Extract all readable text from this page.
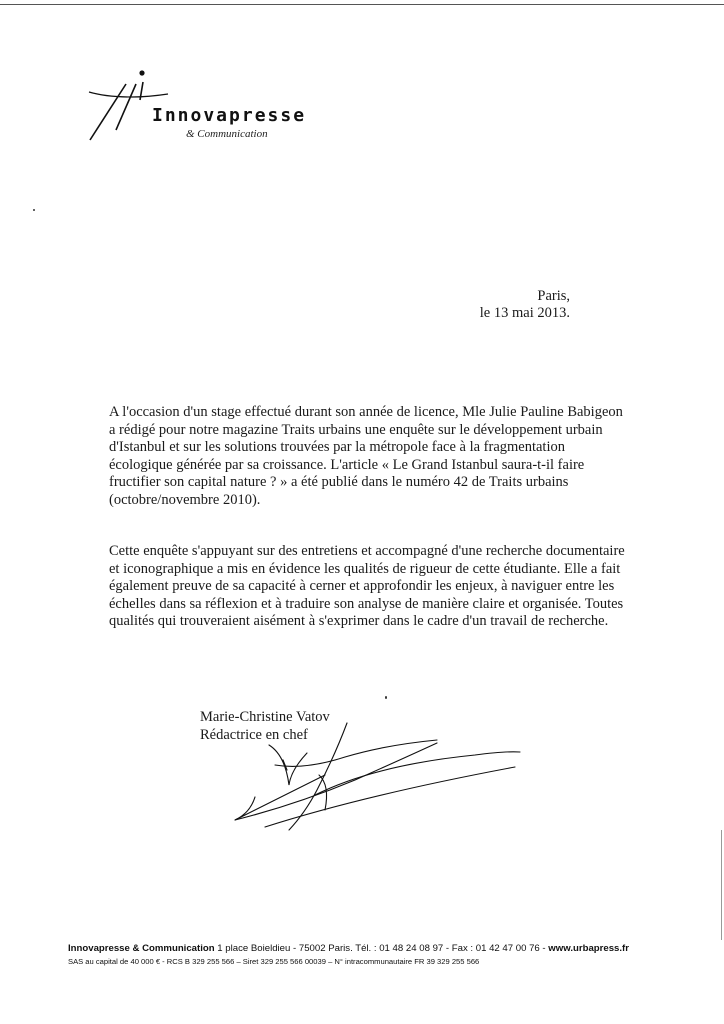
Innovapresse
& Communication
Paris,
le 13 mai 2013.
A l'occasion d'un stage effectué durant son année de licence, Mle Julie Pauline Babigeon
a rédigé pour notre magazine Traits urbains une enquête sur le développement urbain
d'Istanbul et sur les solutions trouvées par la métropole face à la fragmentation
écologique générée par sa croissance. L'article « Le Grand Istanbul saura-t-il faire
fructifier son capital nature ? » a été publié dans le numéro 42 de Traits urbains
(octobre/novembre 2010).
Cette enquête s'appuyant sur des entretiens et accompagné d'une recherche documentaire
et iconographique a mis en évidence les qualités de rigueur de cette étudiante. Elle a fait
également preuve de sa capacité à cerner et approfondir les enjeux, à naviguer entre les
échelles dans sa réflexion et à traduire son analyse de manière claire et organisée. Toutes
qualités qui trouveraient aisément à s'exprimer dans le cadre d'un travail de recherche.
Marie-Christine Vatov
Rédactrice en chef
Innovapresse & Communication 1 place Boieldieu - 75002 Paris. Tél. : 01 48 24 08 97 - Fax : 01 42 47 00 76 - www.urbapress.fr
SAS au capital de 40 000 € - RCS B 329 255 566 – Siret 329 255 566 00039 – N° intracommunautaire FR 39 329 255 566
